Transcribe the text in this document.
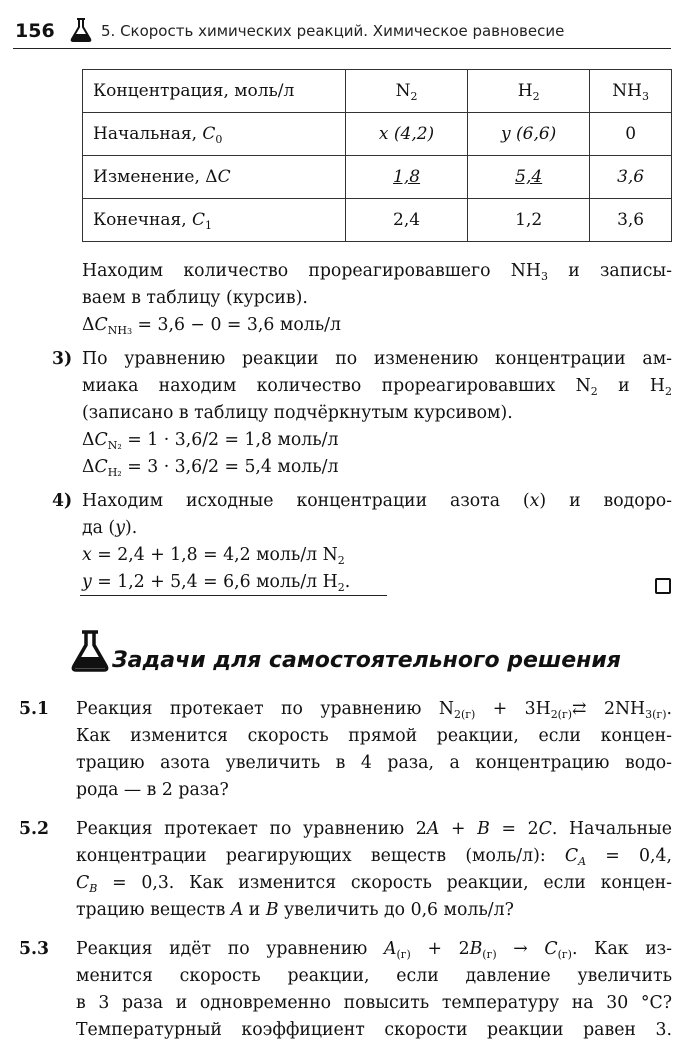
156	5. Скорость химических реакций. Химическое равновесие
Концентрация, моль/л	$N_2$	$H_2$	$NH_3$
Начальная, $C_0$	x (4,2)	y (6,6)	0
Изменение, ΔC	1,8	5,4	3,6
Конечная, $C_1$	2,4	1,2	3,6
Находим количество прореагировавшего $NH_3$ и записы-
ваем в таблицу (курсив).
$\Delta C_{NH3} = 3,6 - 0 = 3,6$ моль/л
3) По уравнению реакции по изменению концентрации ам-
миака находим количество прореагировавших $N_2$ и $H_2$
(записано в таблицу подчёркнутым курсивом).
$\Delta C_{N_2} = 1 \cdot 3,6/2 = 1,8$ моль/л
$\Delta C_{H_2} = 3 \cdot 3,6/2 = 5,4$ моль/л
4) Находим исходные концентрации азота (x) и водоро-
да (y).
x = 2,4 + 1,8 = 4,2 моль/л $N_2$
y = 1,2 + 5,4 = 6,6 моль/л $H_2$.
Задачи для самостоятельного решения
5.1 Реакция протекает по уравнению $N_{2(г)}$ + $3H_{2(г)}⇄$ $2NH_{3(г)}$.
Как изменится скорость прямой реакции, если концен-
трацию азота увеличить в 4 раза, а концентрацию водо-
рода — в 2 раза?
5.2 Реакция протекает по уравнению 2A + B = 2C. Начальные
концентрации реагирующих веществ (моль/л): $C_A = 0,4$,
$C_B = 0,3$. Как изменится скорость реакции, если концен-
трацию веществ A и B увеличить до 0,6 моль/л?
5.3 Реакция идёт по уравнению $A_{(г)} + 2B_{(г)} \to C_{(г)}$. Как из-
менится скорость реакции, если давление увеличить
в 3 раза и одновременно повысить температуру на 30 °С?
Температурный коэффициент скорости реакции равен 3.
